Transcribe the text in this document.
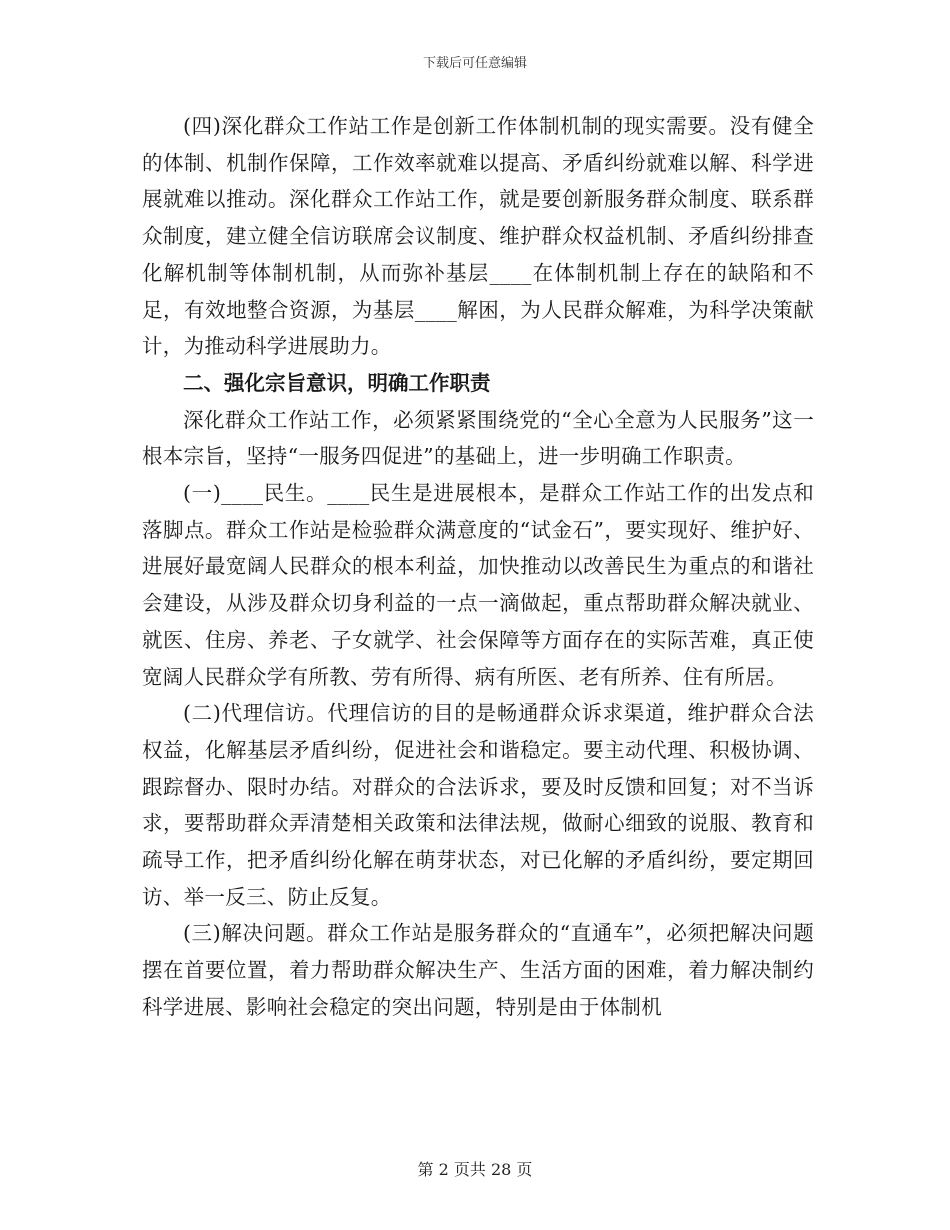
下载后可任意编辑

(四)深化群众工作站工作是创新工作体制机制的现实需要。没有健全的体制、机制作保障，工作效率就难以提高、矛盾纠纷就难以解、科学进展就难以推动。深化群众工作站工作，就是要创新服务群众制度、联系群众制度，建立健全信访联席会议制度、维护群众权益机制、矛盾纠纷排查化解机制等体制机制，从而弥补基层____在体制机制上存在的缺陷和不足，有效地整合资源，为基层____解困，为人民群众解难，为科学决策献计，为推动科学进展助力。

二、强化宗旨意识，明确工作职责

深化群众工作站工作，必须紧紧围绕党的“全心全意为人民服务”这一根本宗旨，坚持“一服务四促进”的基础上，进一步明确工作职责。

(一)____民生。____民生是进展根本，是群众工作站工作的出发点和落脚点。群众工作站是检验群众满意度的“试金石”，要实现好、维护好、进展好最宽阔人民群众的根本利益，加快推动以改善民生为重点的和谐社会建设，从涉及群众切身利益的一点一滴做起，重点帮助群众解决就业、就医、住房、养老、子女就学、社会保障等方面存在的实际苦难，真正使宽阔人民群众学有所教、劳有所得、病有所医、老有所养、住有所居。

(二)代理信访。代理信访的目的是畅通群众诉求渠道，维护群众合法权益，化解基层矛盾纠纷，促进社会和谐稳定。要主动代理、积极协调、跟踪督办、限时办结。对群众的合法诉求，要及时反馈和回复；对不当诉求，要帮助群众弄清楚相关政策和法律法规，做耐心细致的说服、教育和疏导工作，把矛盾纠纷化解在萌芽状态，对已化解的矛盾纠纷，要定期回访、举一反三、防止反复。

(三)解决问题。群众工作站是服务群众的“直通车”，必须把解决问题摆在首要位置，着力帮助群众解决生产、生活方面的困难，着力解决制约科学进展、影响社会稳定的突出问题，特别是由于体制机

第 2 页共 28 页
